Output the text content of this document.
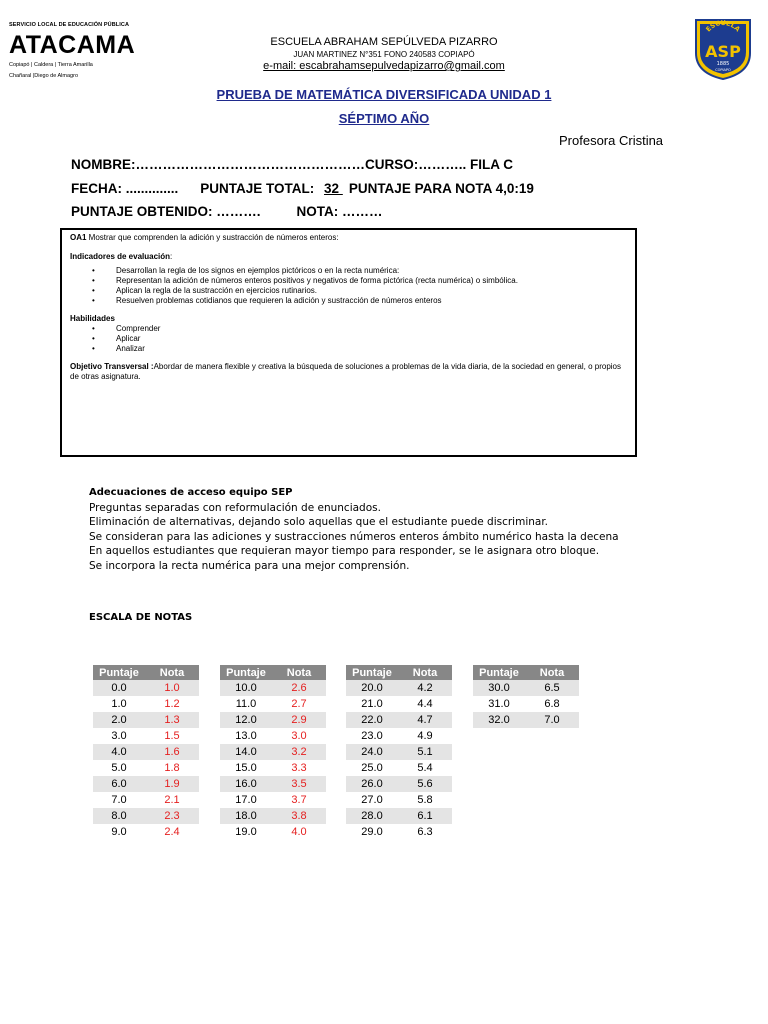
SERVICIO LOCAL DE EDUCACIÓN PÚBLICA
ATACAMA
Copiapó | Caldera | Tierra Amarilla
Chañaral |Diego de Almagro
ESCUELA ABRAHAM SEPÚLVEDA PIZARRO
JUAN MARTINEZ N°351 FONO 240583 COPIAPÓ
e-mail: escabrahamsepulvedapizarro@gmail.com
ESCUELA
ASP
1885
COPIAPO
PRUEBA DE MATEMÁTICA DIVERSIFICADA UNIDAD 1
SÉPTIMO AÑO
Profesora Cristina
NOMBRE:……………………………………………CURSO:……….. FILA C
FECHA: .............. PUNTAJE TOTAL: 32 PUNTAJE PARA NOTA 4,0:19
PUNTAJE OBTENIDO: ……….	NOTA: ………
OA1 Mostrar que comprenden la adición y sustracción de números enteros:
Indicadores de evaluación:
• Desarrollan la regla de los signos en ejemplos pictóricos o en la recta numérica:
• Representan la adición de números enteros positivos y negativos de forma pictórica (recta numérica) o simbólica.
• Aplican la regla de la sustracción en ejercicios rutinarios.
• Resuelven problemas cotidianos que requieren la adición y sustracción de números enteros
Habilidades
• Comprender
• Aplicar
• Analizar
Objetivo Transversal :Abordar de manera flexible y creativa la búsqueda de soluciones a problemas de la vida diaria, de la sociedad en general, o propios de otras asignatura.
Adecuaciones de acceso equipo SEP
Preguntas separadas con reformulación de enunciados.
Eliminación de alternativas, dejando solo aquellas que el estudiante puede discriminar.
Se consideran para las adiciones y sustracciones números enteros ámbito numérico hasta la decena
En aquellos estudiantes que requieran mayor tiempo para responder, se le asignara otro bloque.
Se incorpora la recta numérica para una mejor comprensión.
ESCALA DE NOTAS
Puntaje	Nota
0.0	1.0
1.0	1.2
2.0	1.3
3.0	1.5
4.0	1.6
5.0	1.8
6.0	1.9
7.0	2.1
8.0	2.3
9.0	2.4
Puntaje	Nota
10.0	2.6
11.0	2.7
12.0	2.9
13.0	3.0
14.0	3.2
15.0	3.3
16.0	3.5
17.0	3.7
18.0	3.8
19.0	4.0
Puntaje	Nota
20.0	4.2
21.0	4.4
22.0	4.7
23.0	4.9
24.0	5.1
25.0	5.4
26.0	5.6
27.0	5.8
28.0	6.1
29.0	6.3
Puntaje	Nota
30.0	6.5
31.0	6.8
32.0	7.0
